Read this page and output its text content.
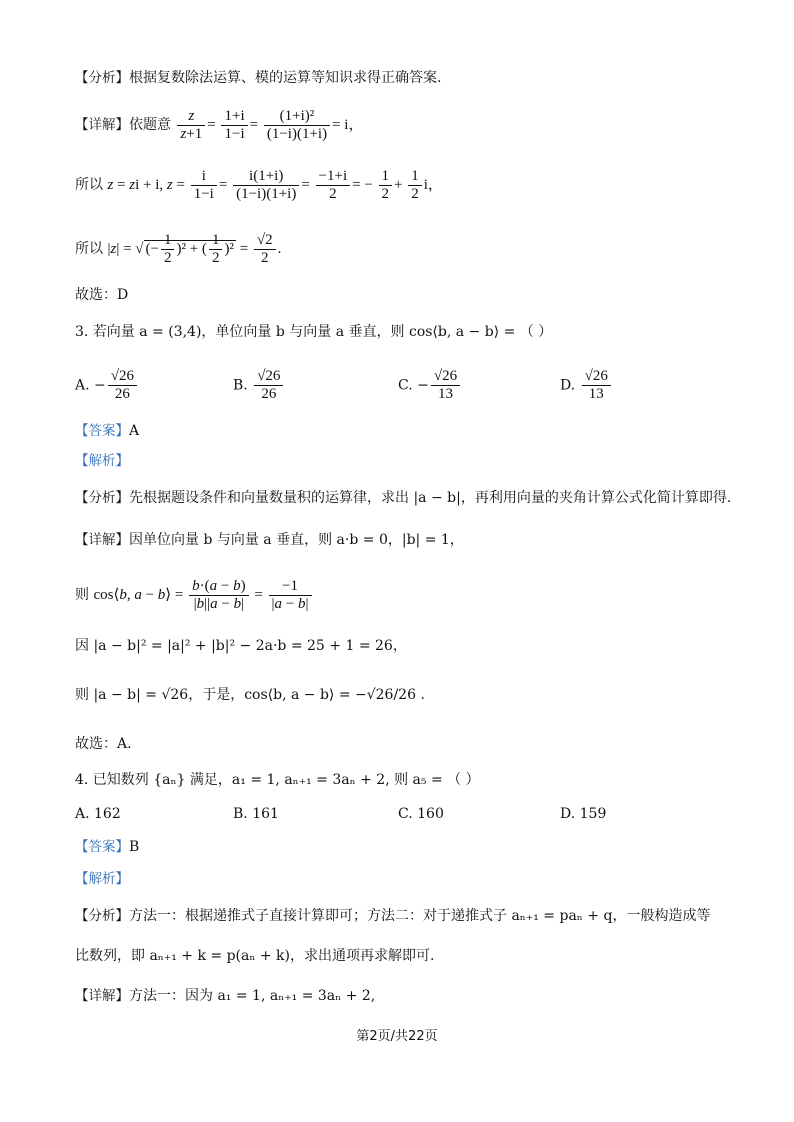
【分析】根据复数除法运算、模的运算等知识求得正确答案.
【详解】依题意 $\frac{z}{z+1} = \frac{1+i}{1-i} = \frac{\text{(1+i)²}}{(1-i)(1+i)} = i$，
所以 z = zi + i, $z = \frac{i}{1-i} = \frac{i(1+i)}{(1-i)(1+i)} = \frac{-1+i}{2}$ = − $\frac{1}{2} + \frac{1}{2}$ i，
所以 |z| = √ (− $\frac{1}{2} )^2$ + ( $\frac{1}{2} )^2 = \frac{√2}{2}$ .
故选：D
3. 若向量 a = (3,4)，单位向量 b 与向量 a 垂直，则 cos⟨b, a − b⟩ = （ ）
A. − $\frac{√26}{26}$	B. $\frac{√26}{26}$	C. − $\frac{√26}{13}$	D. $\frac{√26}{13}$
【答案】A
【解析】
【分析】先根据题设条件和向量数量积的运算律，求出 |a − b|，再利用向量的夹角计算公式化简计算即得.
【详解】因单位向量 b 与向量 a 垂直，则 a·b = 0，|b| = 1，
则 cos⟨b, a − b⟩ = $\frac{b\cdot(a - b)}{|b||a - b|} = \frac{-1}{|a - b|}$
因 |a − b|² = |a|² + |b|² − 2a·b = 25 + 1 = 26，
则 |a − b| = √26，于是，cos⟨b, a − b⟩ = −√26/26 .
故选：A.
4. 已知数列 {aₙ} 满足，a₁ = 1, aₙ₊₁ = 3aₙ + 2, 则 a₅ = （ ）
A. 162	B. 161	C. 160	D. 159
【答案】B
【解析】
【分析】方法一：根据递推式子直接计算即可；方法二：对于递推式子 aₙ₊₁ = paₙ + q，一般构造成等
比数列，即 aₙ₊₁ + k = p(aₙ + k)，求出通项再求解即可.
【详解】方法一：因为 a₁ = 1, aₙ₊₁ = 3aₙ + 2,
第2页/共22页
